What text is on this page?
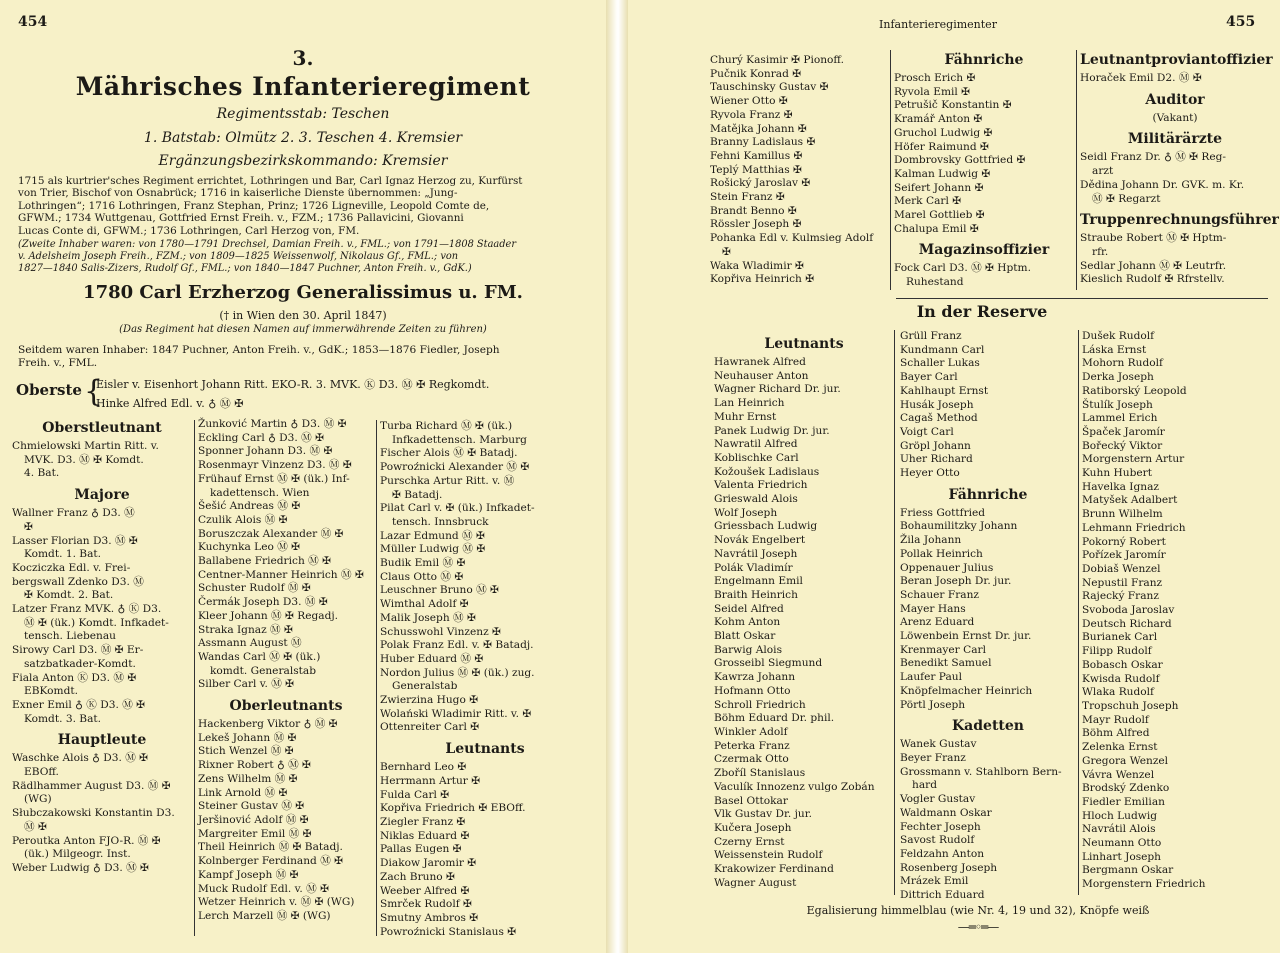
454
3.
Mährisches Infanterieregiment
Regimentsstab: Teschen
1. Batstab: Olmütz 2. 3. Teschen 4. Kremsier
Ergänzungsbezirkskommando: Kremsier
1715 als kurtrier'sches Regiment errichtet, Lothringen und Bar, Carl Ignaz Herzog zu, Kurfürst
von Trier, Bischof von Osnabrück; 1716 in kaiserliche Dienste übernommen: „Jung-
Lothringen“; 1716 Lothringen, Franz Stephan, Prinz; 1726 Ligneville, Leopold Comte de,
GFWM.; 1734 Wuttgenau, Gottfried Ernst Freih. v., FZM.; 1736 Pallavicini, Giovanni
Lucas Conte di, GFWM.; 1736 Lothringen, Carl Herzog von, FM.
(Zweite Inhaber waren: von 1780—1791 Drechsel, Damian Freih. v., FML.; von 1791—1808 Staader
v. Adelsheim Joseph Freih., FZM.; von 1809—1825 Weissenwolf, Nikolaus Gf., FML.; von
1827—1840 Salis-Zizers, Rudolf Gf., FML.; von 1840—1847 Puchner, Anton Freih. v., GdK.)
1780 Carl Erzherzog Generalissimus u. FM.
(† in Wien den 30. April 1847)
(Das Regiment hat diesen Namen auf immerwährende Zeiten zu führen)
Seitdem waren Inhaber: 1847 Puchner, Anton Freih. v., GdK.; 1853—1876 Fiedler, Joseph
Freih. v., FML.
Oberste {
Eisler v. Eisenhort Johann Ritt. EKO-R. 3. MVK. Ⓚ D3. Ⓜ ✠ Regkomdt.
Hinke Alfred Edl. v. ♁ Ⓜ ✠
Oberstleutnant
Chmielowski Martin Ritt. v.
MVK. D3. Ⓜ ✠ Komdt.
4. Bat.
Majore
Wallner Franz ♁ D3. Ⓜ
✠
Lasser Florian D3. Ⓜ ✠
Komdt. 1. Bat.
Kocziczka Edl. v. Frei-
bergswall Zdenko D3. Ⓜ
✠ Komdt. 2. Bat.
Latzer Franz MVK. ♁ Ⓚ D3.
Ⓜ ✠ (ük.) Komdt. Infkadet-
tensch. Liebenau
Sirowy Carl D3. Ⓜ ✠ Er-
satzbatkader-Komdt.
Fiala Anton Ⓚ D3. Ⓜ ✠
EBKomdt.
Exner Emil ♁ Ⓚ D3. Ⓜ ✠
Komdt. 3. Bat.
Hauptleute
Waschke Alois ♁ D3. Ⓜ ✠
EBOff.
Rädlhammer August D3. Ⓜ ✠
(WG)
Słubczakowski Konstantin D3.
Ⓜ ✠
Peroutka Anton FJO-R. Ⓜ ✠
(ük.) Milgeogr. Inst.
Weber Ludwig ♁ D3. Ⓜ ✠
Žunković Martin ♁ D3. Ⓜ ✠
Eckling Carl ♁ D3. Ⓜ ✠
Sponner Johann D3. Ⓜ ✠
Rosenmayr Vinzenz D3. Ⓜ ✠
Frühauf Ernst Ⓜ ✠ (ük.) Inf-
kadettensch. Wien
Šešić Andreas Ⓜ ✠
Czulik Alois Ⓜ ✠
Boruszczak Alexander Ⓜ ✠
Kuchynka Leo Ⓜ ✠
Ballabene Friedrich Ⓜ ✠
Centner-Manner Heinrich Ⓜ ✠
Schuster Rudolf Ⓜ ✠
Čermák Joseph D3. Ⓜ ✠
Kleer Johann Ⓜ ✠ Regadj.
Straka Ignaz Ⓜ ✠
Assmann August Ⓜ
Wandas Carl Ⓜ ✠ (ük.)
komdt. Generalstab
Silber Carl v. Ⓜ ✠
Oberleutnants
Hackenberg Viktor ♁ Ⓜ ✠
Lekeš Johann Ⓜ ✠
Stich Wenzel Ⓜ ✠
Rixner Robert ♁ Ⓜ ✠
Zens Wilhelm Ⓜ ✠
Link Arnold Ⓜ ✠
Steiner Gustav Ⓜ ✠
Jeršinović Adolf Ⓜ ✠
Margreiter Emil Ⓜ ✠
Theil Heinrich Ⓜ ✠ Batadj.
Kolnberger Ferdinand Ⓜ ✠
Kampf Joseph Ⓜ ✠
Muck Rudolf Edl. v. Ⓜ ✠
Wetzer Heinrich v. Ⓜ ✠ (WG)
Lerch Marzell Ⓜ ✠ (WG)
Turba Richard Ⓜ ✠ (ük.)
Infkadettensch. Marburg
Fischer Alois Ⓜ ✠ Batadj.
Powroźnicki Alexander Ⓜ ✠
Purschka Artur Ritt. v. Ⓜ
✠ Batadj.
Pilat Carl v. ✠ (ük.) Infkadet-
tensch. Innsbruck
Lazar Edmund Ⓜ ✠
Müller Ludwig Ⓜ ✠
Budik Emil Ⓜ ✠
Claus Otto Ⓜ ✠
Leuschner Bruno Ⓜ ✠
Wimthal Adolf ✠
Malik Joseph Ⓜ ✠
Schusswohl Vinzenz ✠
Polak Franz Edl. v. ✠ Batadj.
Huber Eduard Ⓜ ✠
Nordon Julius Ⓜ ✠ (ük.) zug.
Generalstab
Zwierzina Hugo ✠
Wolański Wladimir Ritt. v. ✠
Ottenreiter Carl ✠
Leutnants
Bernhard Leo ✠
Herrmann Artur ✠
Fulda Carl ✠
Kopřiva Friedrich ✠ EBOff.
Ziegler Franz ✠
Niklas Eduard ✠
Pallas Eugen ✠
Diakow Jaromir ✠
Zach Bruno ✠
Weeber Alfred ✠
Smrček Rudolf ✠
Smutny Ambros ✠
Powroźnicki Stanislaus ✠
Infanterieregimenter	455
Churý Kasimir ✠ Pionoff.
Pučnik Konrad ✠
Tauschinsky Gustav ✠
Wiener Otto ✠
Ryvola Franz ✠
Matějka Johann ✠
Branny Ladislaus ✠
Fehni Kamillus ✠
Teplý Matthias ✠
Rošický Jaroslav ✠
Stein Franz ✠
Brandt Benno ✠
Rössler Joseph ✠
Pohanka Edl v. Kulmsieg Adolf
✠
Waka Wladimir ✠
Kopřiva Heinrich ✠
Fähnriche
Prosch Erich ✠
Ryvola Emil ✠
Petrušič Konstantin ✠
Kramář Anton ✠
Gruchol Ludwig ✠
Höfer Raimund ✠
Dombrovsky Gottfried ✠
Kalman Ludwig ✠
Seifert Johann ✠
Merk Carl ✠
Marel Gottlieb ✠
Chalupa Emil ✠
Magazinsoffizier
Fock Carl D3. Ⓜ ✠ Hptm.
Ruhestand
Leutnantproviantoffizier
Horaček Emil D2. Ⓜ ✠
Auditor
(Vakant)
Militärärzte
Seidl Franz Dr. ♁ Ⓜ ✠ Reg-
arzt
Dědina Johann Dr. GVK. m. Kr.
Ⓜ ✠ Regarzt
Truppenrechnungsführer
Straube Robert Ⓜ ✠ Hptm-
rfr.
Sedlar Johann Ⓜ ✠ Leutrfr.
Kieslich Rudolf ✠ Rfrstellv.
In der Reserve
Leutnants
Hawranek Alfred
Neuhauser Anton
Wagner Richard Dr. jur.
Lan Heinrich
Muhr Ernst
Panek Ludwig Dr. jur.
Nawratil Alfred
Koblischke Carl
Kožoušek Ladislaus
Valenta Friedrich
Grieswald Alois
Wolf Joseph
Griessbach Ludwig
Novák Engelbert
Navrátil Joseph
Polák Vladimír
Engelmann Emil
Braith Heinrich
Seidel Alfred
Kohm Anton
Blatt Oskar
Barwig Alois
Grosseibl Siegmund
Kawrza Johann
Hofmann Otto
Schroll Friedrich
Böhm Eduard Dr. phil.
Winkler Adolf
Peterka Franz
Czermak Otto
Zboříl Stanislaus
Vaculík Innozenz vulgo Zobán
Basel Ottokar
Vlk Gustav Dr. jur.
Kučera Joseph
Czerny Ernst
Weissenstein Rudolf
Krakowizer Ferdinand
Wagner August
Grüll Franz
Kundmann Carl
Schaller Lukas
Bayer Carl
Kahlhaupt Ernst
Husák Joseph
Cagaš Method
Voigt Carl
Gröpl Johann
Uher Richard
Heyer Otto
Fähnriche
Friess Gottfried
Bohaumilitzky Johann
Žila Johann
Pollak Heinrich
Oppenauer Julius
Beran Joseph Dr. jur.
Schauer Franz
Mayer Hans
Arenz Eduard
Löwenbein Ernst Dr. jur.
Krenmayer Carl
Benedikt Samuel
Laufer Paul
Knöpfelmacher Heinrich
Pörtl Joseph
Kadetten
Wanek Gustav
Beyer Franz
Grossmann v. Stahlborn Bern-
hard
Vogler Gustav
Waldmann Oskar
Fechter Joseph
Savost Rudolf
Feldzahn Anton
Rosenberg Joseph
Mrázek Emil
Dittrich Eduard
Dušek Rudolf
Láska Ernst
Mohorn Rudolf
Derka Joseph
Ratiborský Leopold
Štulík Joseph
Lammel Erich
Špaček Jaromír
Bořecký Viktor
Morgenstern Artur
Kuhn Hubert
Havelka Ignaz
Matyšek Adalbert
Brunn Wilhelm
Lehmann Friedrich
Pokorný Robert
Pořízek Jaromír
Dobiaš Wenzel
Nepustil Franz
Rajecký Franz
Svoboda Jaroslav
Deutsch Richard
Burianek Carl
Filipp Rudolf
Bobasch Oskar
Kwisda Rudolf
Wlaka Rudolf
Tropschuh Joseph
Mayr Rudolf
Böhm Alfred
Zelenka Ernst
Gregora Wenzel
Vávra Wenzel
Brodský Zdenko
Fiedler Emilian
Hloch Ludwig
Navrátil Alois
Neumann Otto
Linhart Joseph
Bergmann Oskar
Morgenstern Friedrich
Egalisierung himmelblau (wie Nr. 4, 19 und 32), Knöpfe weiß
—═◦═—
